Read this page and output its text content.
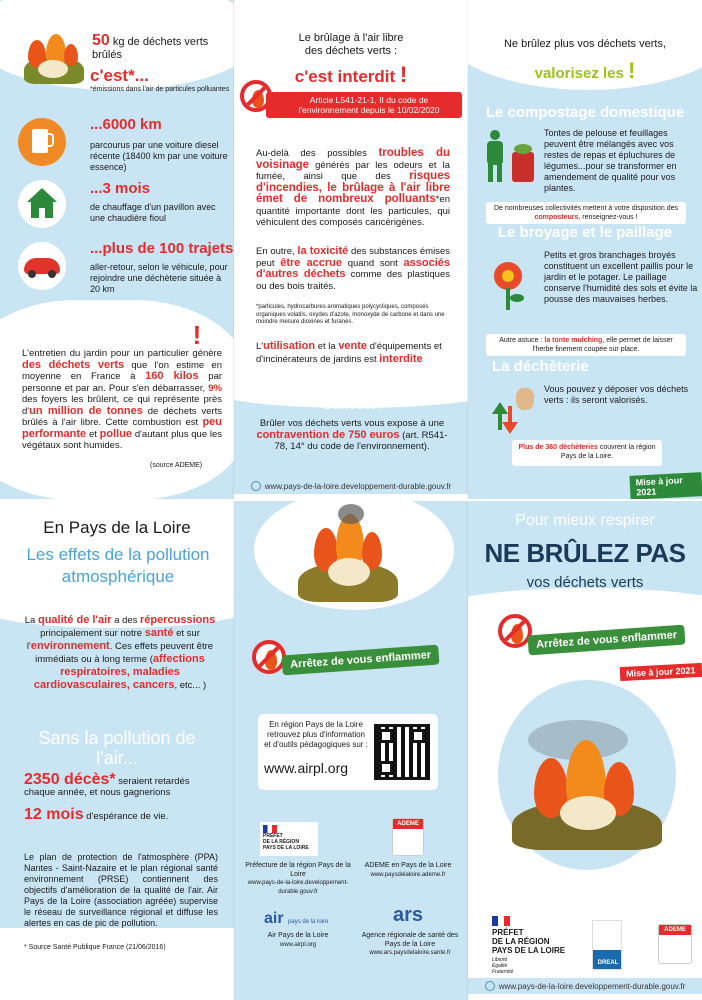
50 kg de déchets verts brûlés
c'est*...
*émissions dans l'air de particules polluantes
...6000 km
parcourus par une voiture diesel récente (18400 km par une voiture essence)
...3 mois
de chauffage d'un pavillon avec une chaudière fioul
...plus de 100 trajets
aller-retour, selon le véhicule, pour rejoindre une déchèterie située à 20 km
!
L'entretien du jardin pour un particulier génère des déchets verts que l'on estime en moyenne en France à 160 kilos par personne et par an. Pour s'en débarrasser, 9% des foyers les brûlent, ce qui représente près d'un million de tonnes de déchets verts brûlés à l'air libre. Cette combustion est peu performante et pollue d'autant plus que les végétaux sont humides.
(source ADEME)
Le brûlage à l'air libre
des déchets verts :
c'est interdit !
Article L541-21-1, II du code de l'environnement depuis le 10/02/2020
Au-delà des possibles troubles du voisinage générés par les odeurs et la fumée, ainsi que des risques d'incendies, le brûlage à l'air libre émet de nombreux polluants*en quantité importante dont les particules, qui véhiculent des composés cancérigènes.
En outre, la toxicité des substances émises peut être accrue quand sont associés d'autres déchets comme des plastiques ou des bois traités.
*particules, hydrocarbures aromatiques polycycliques, composés organiques volatils, oxydes d'azote, monoxyde de carbone et dans une moindre mesure dioxines et furanes.
L'utilisation et la vente d'équipements et d'incinérateurs de jardins est interdite
Sanction
Brûler vos déchets verts vous expose à une contravention de 750 euros (art. R541-78, 14° du code de l'environnement).
Ne brûlez plus vos déchets verts,
valorisez les !
Le compostage domestique
Tontes de pelouse et feuillages peuvent être mélangés avec vos restes de repas et épluchures de légumes...pour se transformer en amendement de qualité pour vos plantes.
De nombreuses collectivités mettent à votre disposition des composteurs, renseignez-vous !
Le broyage et le paillage
Petits et gros branchages broyés constituent un excellent paillis pour le jardin et le potager. Le paillage conserve l'humidité des sols et évite la pousse des mauvaises herbes.
Autre astuce : la tonte mulching, elle permet de laisser l'herbe finement coupée sur place.
La déchèterie
Vous pouvez y déposer vos déchets verts : ils seront valorisés.
Plus de 360 déchèteries couvrent la région Pays de la Loire.
Mise à jour 2021
www.pays-de-la-loire.developpement-durable.gouv.fr
En Pays de la Loire
Les effets de la pollution atmosphérique
La qualité de l'air a des répercussions principalement sur notre santé et sur l'environnement. Ces effets peuvent être immédiats ou à long terme (affections respiratoires, maladies cardiovasculaires, cancers, etc... )
Sans la pollution de l'air...
2350 décès* seraient retardés chaque année, et nous gagnerions
12 mois d'espérance de vie.
Le plan de protection de l'atmosphère (PPA) Nantes - Saint-Nazaire et le plan régional santé environnement (PRSE) contiennent des objectifs d'amélioration de la qualité de l'air. Air Pays de la Loire (association agréée) supervise le réseau de surveillance régional et diffuse les alertes en cas de pic de pollution.
* Source Santé Publique France (21/06/2016)
Arrêtez de vous enflammer
En région Pays de la Loire retrouvez plus d'information et d'outils pédagogiques sur :
www.airpl.org
PRÉFET
DE LA RÉGION
PAYS DE LA LOIRE
Préfecture de la région Pays de la Loire
www.pays-de-la-loire.developpement-durable.gouv.fr
ADEME
ADEME en Pays de la Loire
www.paysdelaloire.ademe.fr
air pays de la loire
Air Pays de la Loire
www.airpl.org
ars
Agence régionale de santé des Pays de la Loire
www.ars.paysdelaloire.sante.fr
Pour mieux respirer
NE BRÛLEZ PAS
vos déchets verts
Arrêtez de vous enflammer
Mise à jour 2021
PRÉFET
DE LA RÉGION
PAYS DE LA LOIRE
Liberté
Égalité
Fraternité
DREAL
ADEME
www.pays-de-la-loire.developpement-durable.gouv.fr
